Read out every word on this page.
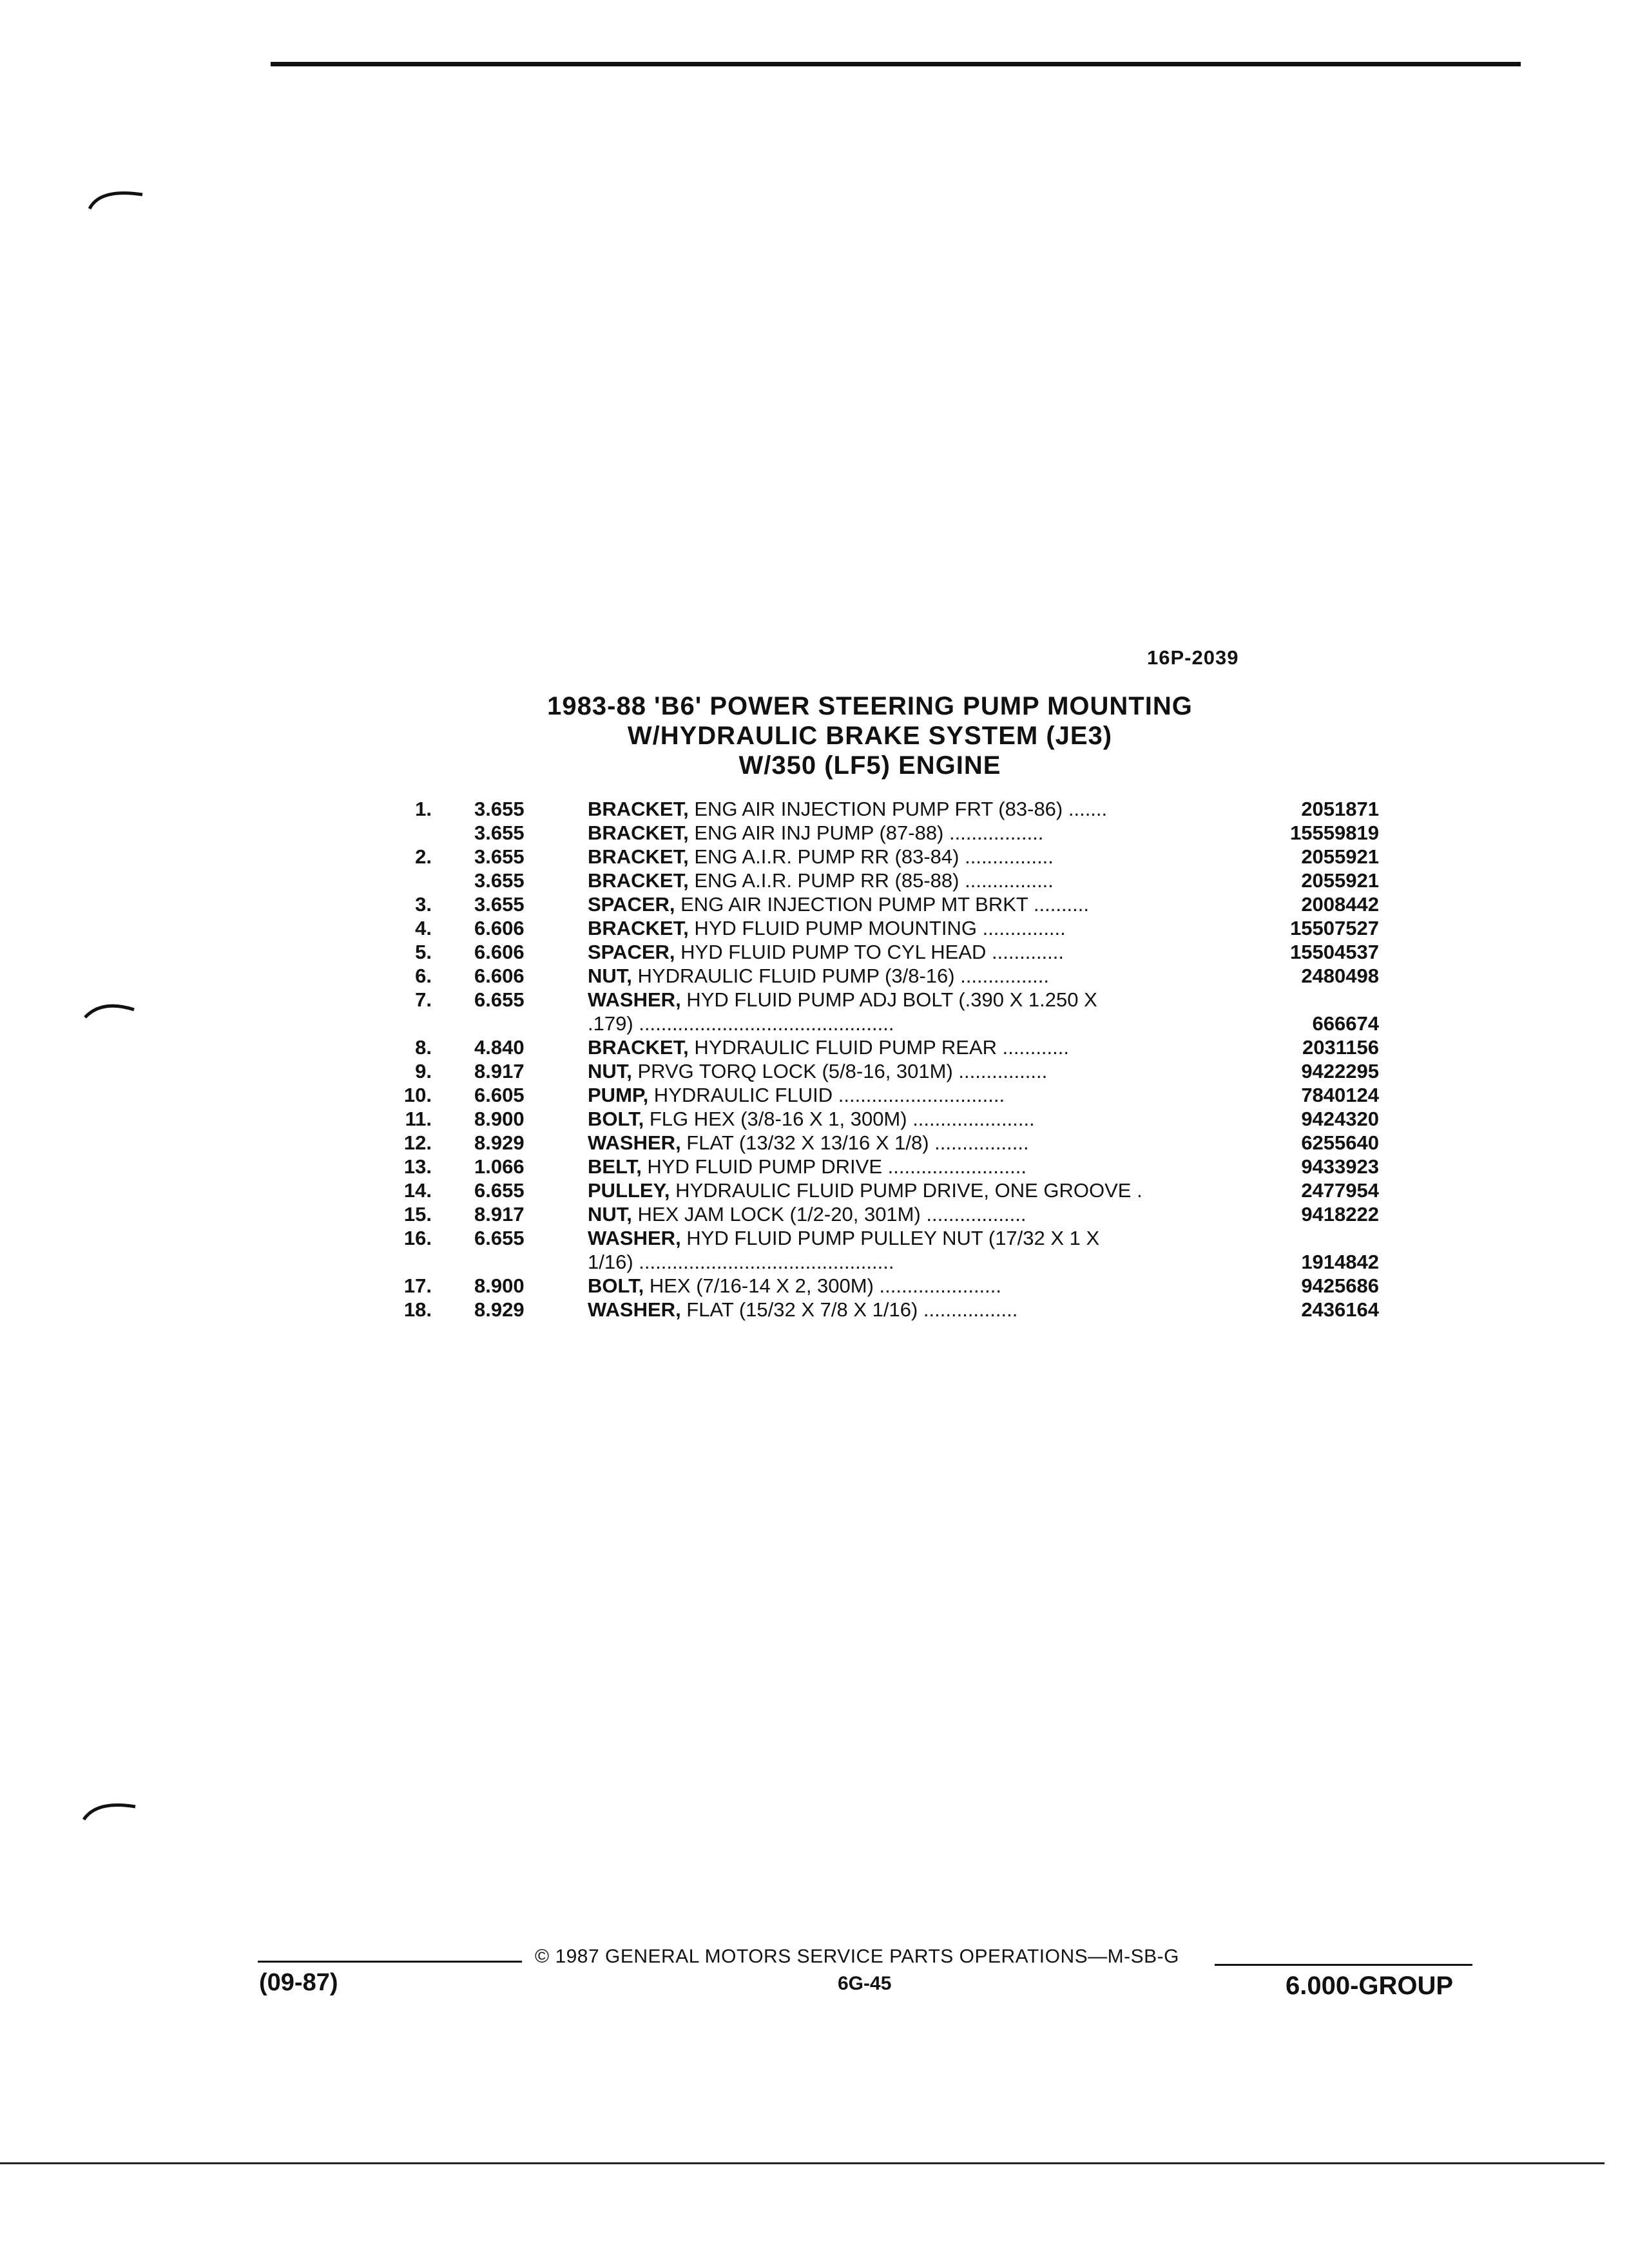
16P-2039
1983-88 'B6' POWER STEERING PUMP MOUNTING
W/HYDRAULIC BRAKE SYSTEM (JE3)
W/350 (LF5) ENGINE
1. 3.655	BRACKET, ENG AIR INJECTION PUMP FRT (83-86) .......	2051871
3.655	BRACKET, ENG AIR INJ PUMP (87-88) .................	15559819
2. 3.655	BRACKET, ENG A.I.R. PUMP RR (83-84) ................	2055921
3.655	BRACKET, ENG A.I.R. PUMP RR (85-88) ................	2055921
3. 3.655	SPACER, ENG AIR INJECTION PUMP MT BRKT ..........	2008442
4. 6.606	BRACKET, HYD FLUID PUMP MOUNTING ...............	15507527
5. 6.606	SPACER, HYD FLUID PUMP TO CYL HEAD .............	15504537
6. 6.606	NUT, HYDRAULIC FLUID PUMP (3/8-16) ................	2480498
7. 6.655	WASHER, HYD FLUID PUMP ADJ BOLT (.390 X 1.250 X
.179) ..............................................	666674
8. 4.840	BRACKET, HYDRAULIC FLUID PUMP REAR ............	2031156
9. 8.917	NUT, PRVG TORQ LOCK (5/8-16, 301M) ................	9422295
10. 6.605	PUMP, HYDRAULIC FLUID ..............................	7840124
11. 8.900	BOLT, FLG HEX (3/8-16 X 1, 300M) ......................	9424320
12. 8.929	WASHER, FLAT (13/32 X 13/16 X 1/8) .................	6255640
13. 1.066	BELT, HYD FLUID PUMP DRIVE .........................	9433923
14. 6.655	PULLEY, HYDRAULIC FLUID PUMP DRIVE, ONE GROOVE .	2477954
15. 8.917	NUT, HEX JAM LOCK (1/2-20, 301M) ..................	9418222
16. 6.655	WASHER, HYD FLUID PUMP PULLEY NUT (17/32 X 1 X
1/16) ..............................................	1914842
17. 8.900	BOLT, HEX (7/16-14 X 2, 300M) ......................	9425686
18. 8.929	WASHER, FLAT (15/32 X 7/8 X 1/16) .................	2436164
© 1987 GENERAL MOTORS SERVICE PARTS OPERATIONS—M-SB-G
(09-87)	6G-45	6.000-GROUP
